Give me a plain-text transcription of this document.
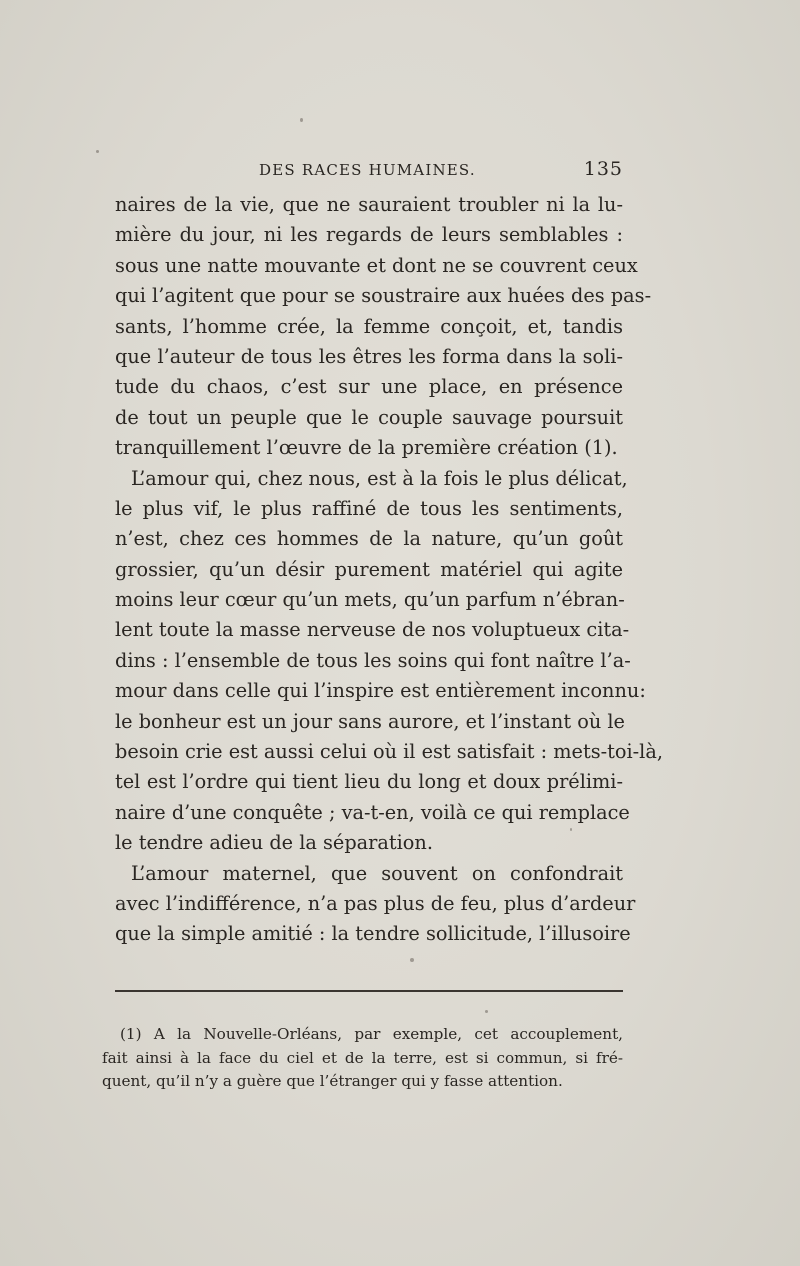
DES RACES HUMAINES.	135
naires de la vie, que ne sauraient troubler ni la lu-
mière du jour, ni les regards de leurs semblables :
sous une natte mouvante et dont ne se couvrent ceux
qui l’agitent que pour se soustraire aux huées des pas-
sants, l’homme crée, la femme conçoit, et, tandis
que l’auteur de tous les êtres les forma dans la soli-
tude du chaos, c’est sur une place, en présence
de tout un peuple que le couple sauvage poursuit
tranquillement l’œuvre de la première création (1).
L’amour qui, chez nous, est à la fois le plus délicat,
le plus vif, le plus raffiné de tous les sentiments,
n’est, chez ces hommes de la nature, qu’un goût
grossier, qu’un désir purement matériel qui agite
moins leur cœur qu’un mets, qu’un parfum n’ébran-
lent toute la masse nerveuse de nos voluptueux cita-
dins : l’ensemble de tous les soins qui font naître l’a-
mour dans celle qui l’inspire est entièrement inconnu:
le bonheur est un jour sans aurore, et l’instant où le
besoin crie est aussi celui où il est satisfait : mets-toi-là,
tel est l’ordre qui tient lieu du long et doux prélimi-
naire d’une conquête ; va-t-en, voilà ce qui remplace
le tendre adieu de la séparation.
L’amour maternel, que souvent on confondrait
avec l’indifférence, n’a pas plus de feu, plus d’ardeur
que la simple amitié : la tendre sollicitude, l’illusoire
(1) A la Nouvelle-Orléans, par exemple, cet accouplement,
fait ainsi à la face du ciel et de la terre, est si commun, si fré-
quent, qu’il n’y a guère que l’étranger qui y fasse attention.
